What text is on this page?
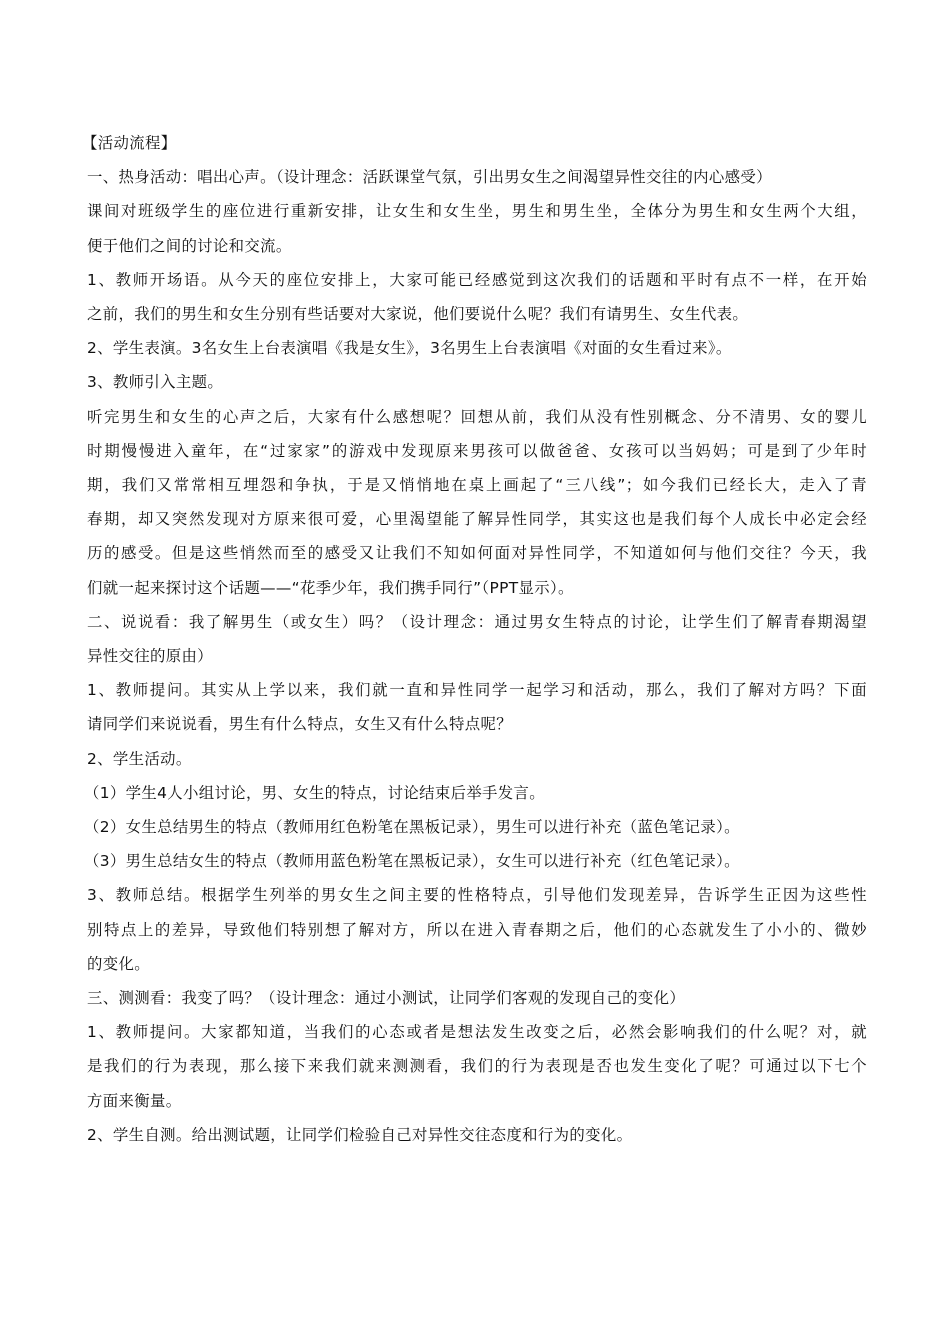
【活动流程】
一、热身活动：唱出心声。（设计理念：活跃课堂气氛，引出男女生之间渴望异性交往的内心感受）
课间对班级学生的座位进行重新安排，让女生和女生坐，男生和男生坐，全体分为男生和女生两个大组，
便于他们之间的讨论和交流。
1、教师开场语。从今天的座位安排上，大家可能已经感觉到这次我们的话题和平时有点不一样，在开始
之前，我们的男生和女生分别有些话要对大家说，他们要说什么呢？我们有请男生、女生代表。
2、学生表演。3名女生上台表演唱《我是女生》，3名男生上台表演唱《对面的女生看过来》。
3、教师引入主题。
听完男生和女生的心声之后，大家有什么感想呢？回想从前，我们从没有性别概念、分不清男、女的婴儿
时期慢慢进入童年，在“过家家”的游戏中发现原来男孩可以做爸爸、女孩可以当妈妈；可是到了少年时
期，我们又常常相互埋怨和争执，于是又悄悄地在桌上画起了“三八线”；如今我们已经长大，走入了青
春期，却又突然发现对方原来很可爱，心里渴望能了解异性同学，其实这也是我们每个人成长中必定会经
历的感受。但是这些悄然而至的感受又让我们不知如何面对异性同学，不知道如何与他们交往？今天，我
们就一起来探讨这个话题——“花季少年，我们携手同行”（PPT显示）。
二、说说看：我了解男生（或女生）吗？（设计理念：通过男女生特点的讨论，让学生们了解青春期渴望
异性交往的原由）
1、教师提问。其实从上学以来，我们就一直和异性同学一起学习和活动，那么，我们了解对方吗？下面
请同学们来说说看，男生有什么特点，女生又有什么特点呢？
2、学生活动。
（1）学生4人小组讨论，男、女生的特点，讨论结束后举手发言。
（2）女生总结男生的特点（教师用红色粉笔在黑板记录），男生可以进行补充（蓝色笔记录）。
（3）男生总结女生的特点（教师用蓝色粉笔在黑板记录），女生可以进行补充（红色笔记录）。
3、教师总结。根据学生列举的男女生之间主要的性格特点，引导他们发现差异，告诉学生正因为这些性
别特点上的差异，导致他们特别想了解对方，所以在进入青春期之后，他们的心态就发生了小小的、微妙
的变化。
三、测测看：我变了吗？（设计理念：通过小测试，让同学们客观的发现自己的变化）
1、教师提问。大家都知道，当我们的心态或者是想法发生改变之后，必然会影响我们的什么呢？对，就
是我们的行为表现，那么接下来我们就来测测看，我们的行为表现是否也发生变化了呢？可通过以下七个
方面来衡量。
2、学生自测。给出测试题，让同学们检验自己对异性交往态度和行为的变化。
